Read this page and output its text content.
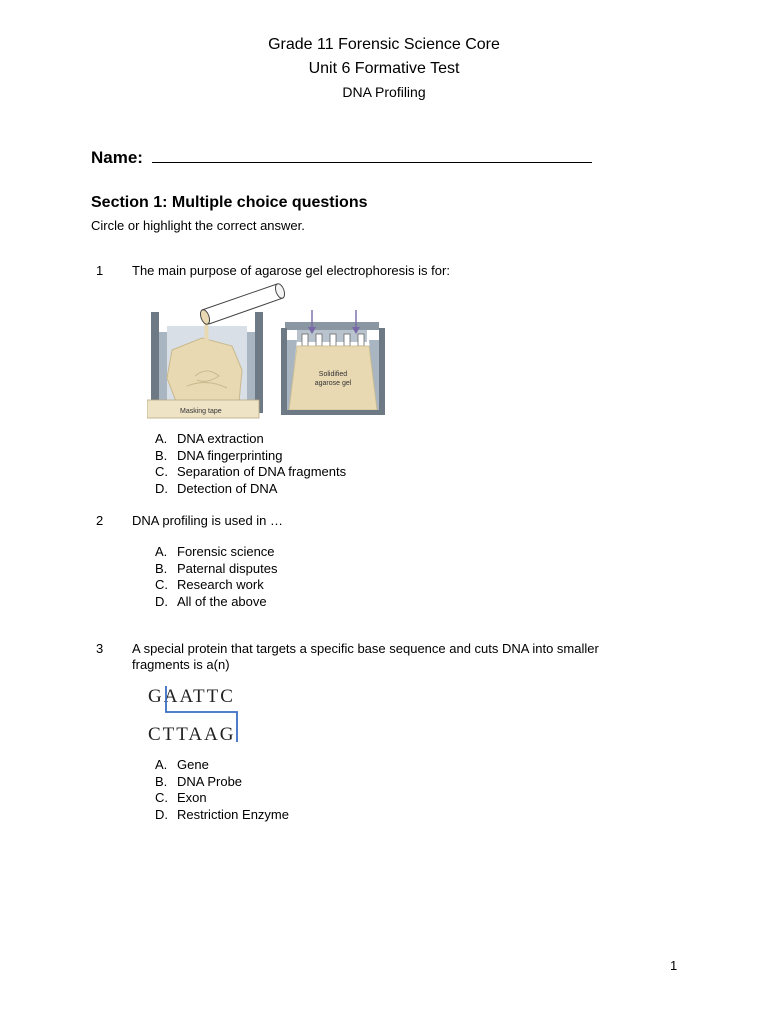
Grade 11 Forensic Science Core
Unit 6 Formative Test
DNA Profiling
Name:
Section 1: Multiple choice questions
Circle or highlight the correct answer.
1 The main purpose of agarose gel electrophoresis is for:
Masking tape
Solidified
agarose gel
A. DNA extraction
B. DNA fingerprinting
C. Separation of DNA fragments
D. Detection of DNA
2 DNA profiling is used in …
A. Forensic science
B. Paternal disputes
C. Research work
D. All of the above
3 A special protein that targets a specific base sequence and cuts DNA into smaller fragments is a(n)
GAATTC
CTTAAG
A. Gene
B. DNA Probe
C. Exon
D. Restriction Enzyme
1
